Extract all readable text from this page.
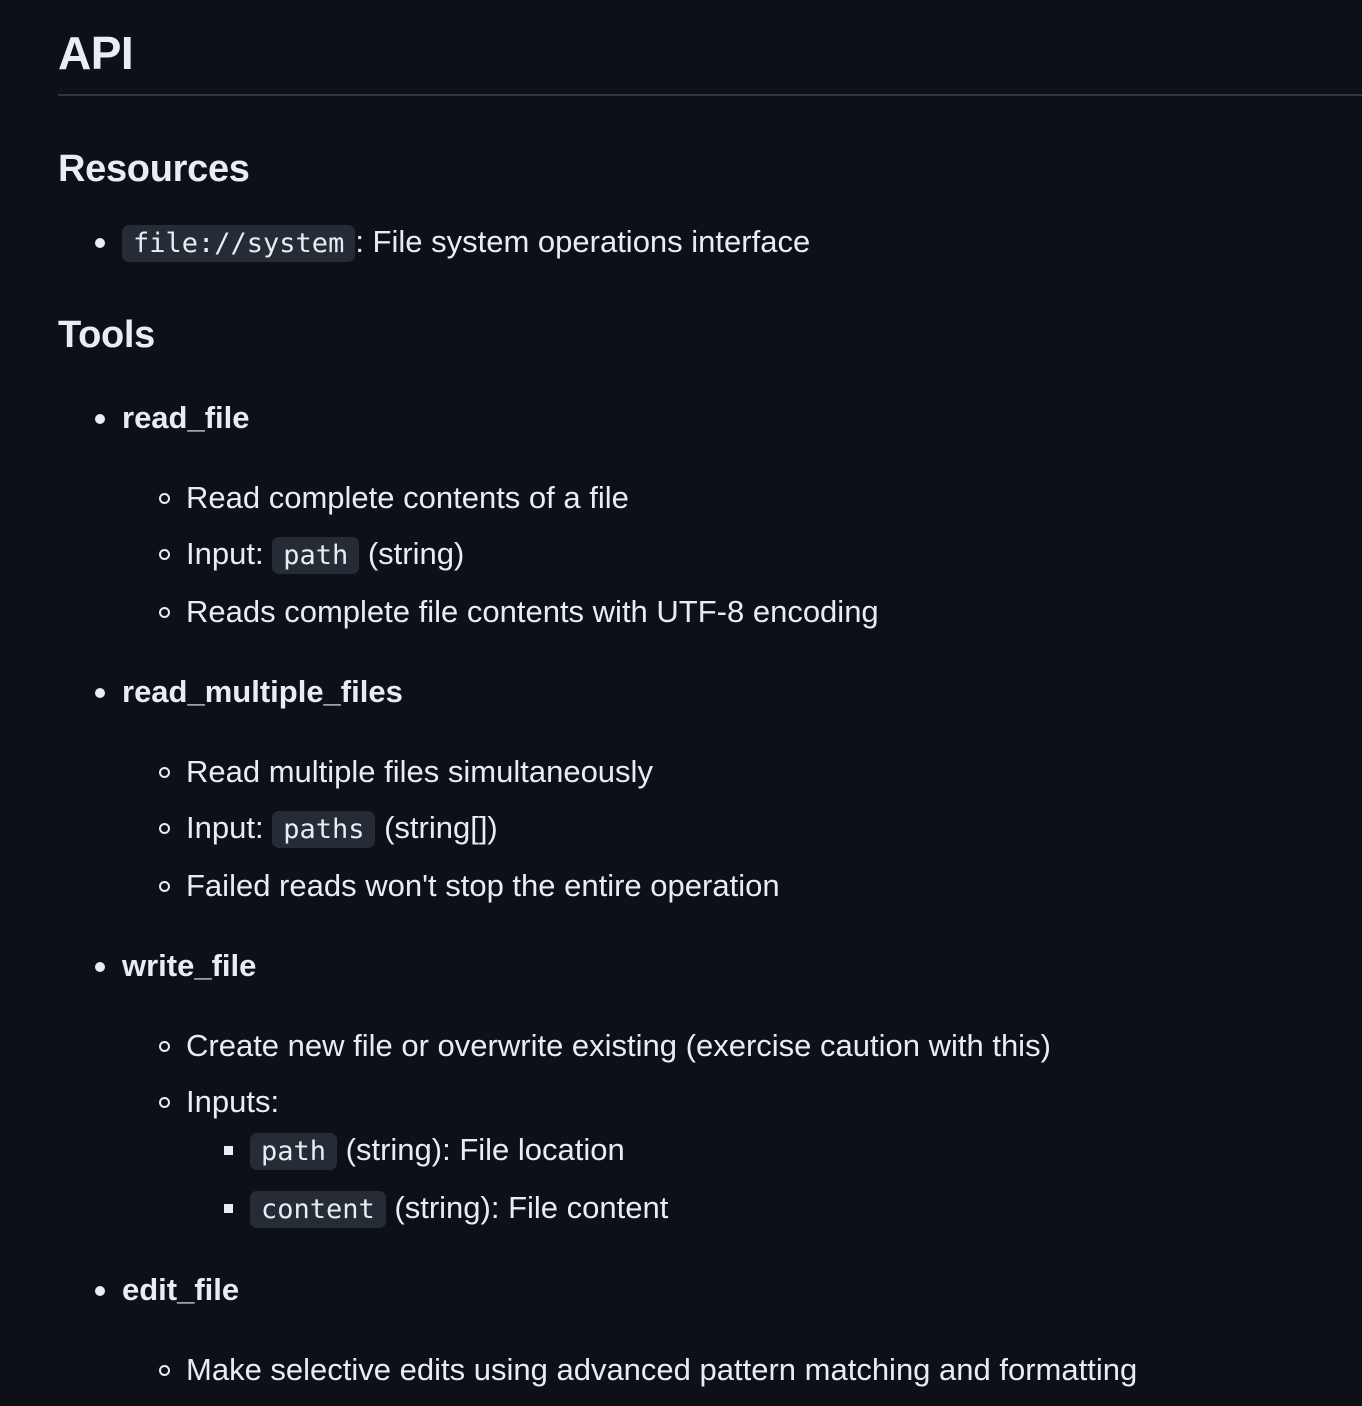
API
Resources
file://system : File system operations interface
Tools
read_file
Read complete contents of a file
Input: path (string)
Reads complete file contents with UTF-8 encoding
read_multiple_files
Read multiple files simultaneously
Input: paths (string[])
Failed reads won't stop the entire operation
write_file
Create new file or overwrite existing (exercise caution with this)
Inputs:
path (string): File location
content (string): File content
edit_file
Make selective edits using advanced pattern matching and formatting
